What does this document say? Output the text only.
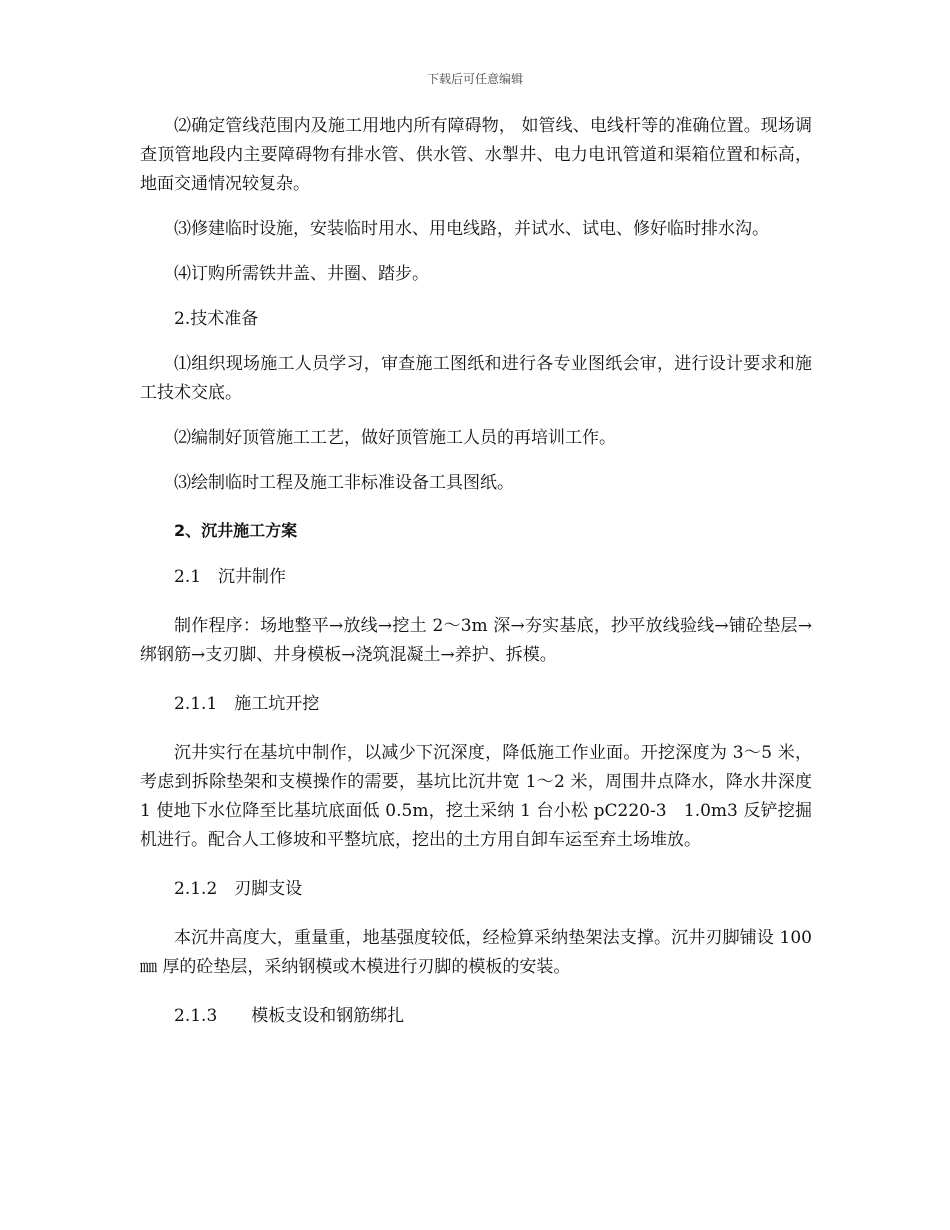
下载后可任意编辑

⑵确定管线范围内及施工用地内所有障碍物， 如管线、电线杆等的准确位置。现场调查顶管地段内主要障碍物有排水管、供水管、水掣井、电力电讯管道和渠箱位置和标高，地面交通情况较复杂。

⑶修建临时设施，安装临时用水、用电线路，并试水、试电、修好临时排水沟。

⑷订购所需铁井盖、井圈、踏步。

2.技术准备

⑴组织现场施工人员学习，审查施工图纸和进行各专业图纸会审，进行设计要求和施工技术交底。

⑵编制好顶管施工工艺，做好顶管施工人员的再培训工作。

⑶绘制临时工程及施工非标准设备工具图纸。

2、沉井施工方案

2.1　沉井制作

制作程序：场地整平→放线→挖土 2～3m 深→夯实基底，抄平放线验线→铺砼垫层→绑钢筋→支刃脚、井身模板→浇筑混凝土→养护、拆模。

2.1.1　施工坑开挖

沉井实行在基坑中制作，以减少下沉深度，降低施工作业面。开挖深度为 3～5 米，考虑到拆除垫架和支模操作的需要，基坑比沉井宽 1～2 米，周围井点降水，降水井深度 1 使地下水位降至比基坑底面低 0.5m，挖土采纳 1 台小松 pC220-3　1.0m3 反铲挖掘机进行。配合人工修坡和平整坑底，挖出的土方用自卸车运至弃土场堆放。

2.1.2　刃脚支设

本沉井高度大，重量重，地基强度较低，经检算采纳垫架法支撑。沉井刃脚铺设 100㎜ 厚的砼垫层，采纳钢模或木模进行刃脚的模板的安装。

2.1.3　　模板支设和钢筋绑扎
